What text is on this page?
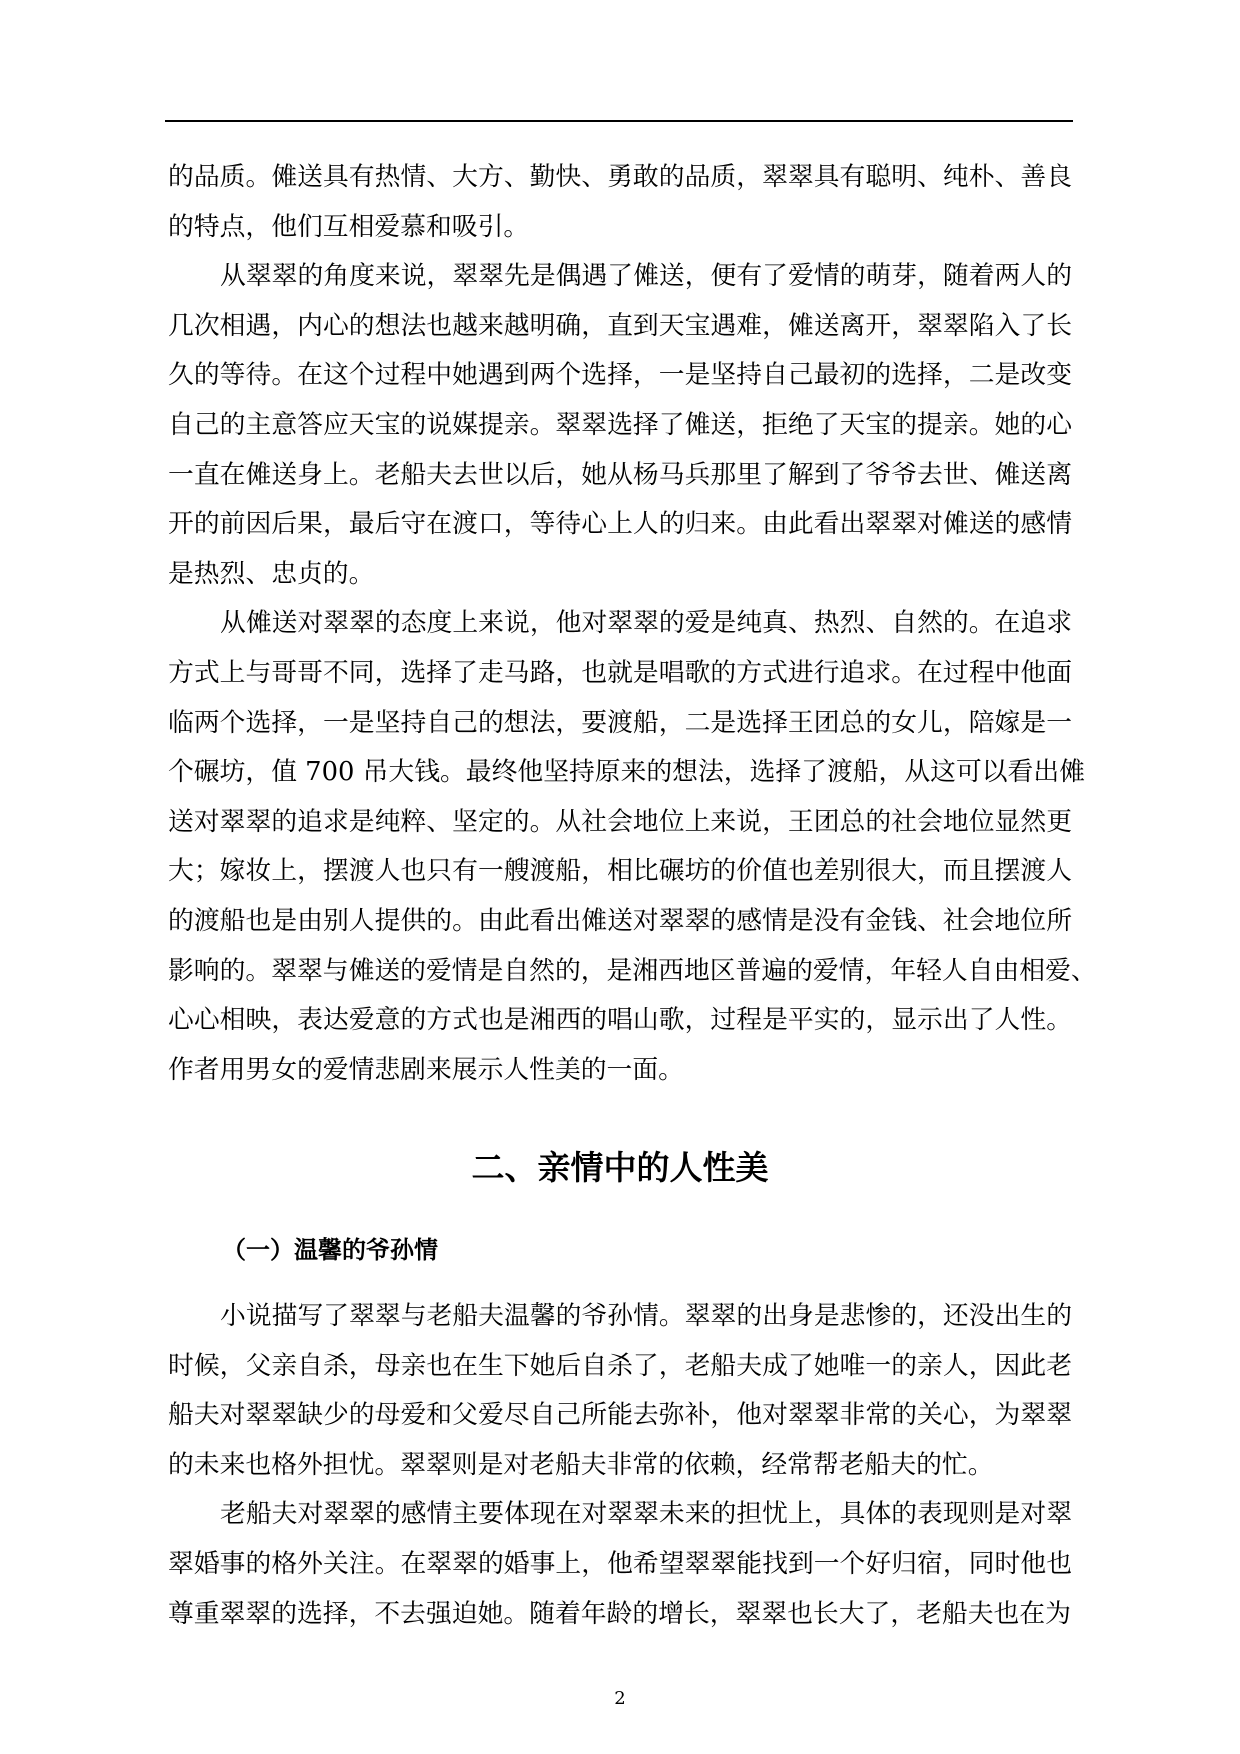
的品质。傩送具有热情、大方、勤快、勇敢的品质，翠翠具有聪明、纯朴、善良
的特点，他们互相爱慕和吸引。
从翠翠的角度来说，翠翠先是偶遇了傩送，便有了爱情的萌芽，随着两人的
几次相遇，内心的想法也越来越明确，直到天宝遇难，傩送离开，翠翠陷入了长
久的等待。在这个过程中她遇到两个选择，一是坚持自己最初的选择，二是改变
自己的主意答应天宝的说媒提亲。翠翠选择了傩送，拒绝了天宝的提亲。她的心
一直在傩送身上。老船夫去世以后，她从杨马兵那里了解到了爷爷去世、傩送离
开的前因后果，最后守在渡口，等待心上人的归来。由此看出翠翠对傩送的感情
是热烈、忠贞的。
从傩送对翠翠的态度上来说，他对翠翠的爱是纯真、热烈、自然的。在追求
方式上与哥哥不同，选择了走马路，也就是唱歌的方式进行追求。在过程中他面
临两个选择，一是坚持自己的想法，要渡船，二是选择王团总的女儿，陪嫁是一
个碾坊，值 700 吊大钱。最终他坚持原来的想法，选择了渡船，从这可以看出傩
送对翠翠的追求是纯粹、坚定的。从社会地位上来说，王团总的社会地位显然更
大；嫁妆上，摆渡人也只有一艘渡船，相比碾坊的价值也差别很大，而且摆渡人
的渡船也是由别人提供的。由此看出傩送对翠翠的感情是没有金钱、社会地位所
影响的。翠翠与傩送的爱情是自然的，是湘西地区普遍的爱情，年轻人自由相爱、
心心相映，表达爱意的方式也是湘西的唱山歌，过程是平实的，显示出了人性。
作者用男女的爱情悲剧来展示人性美的一面。
二、亲情中的人性美
（一）温馨的爷孙情
小说描写了翠翠与老船夫温馨的爷孙情。翠翠的出身是悲惨的，还没出生的
时候，父亲自杀，母亲也在生下她后自杀了，老船夫成了她唯一的亲人，因此老
船夫对翠翠缺少的母爱和父爱尽自己所能去弥补，他对翠翠非常的关心，为翠翠
的未来也格外担忧。翠翠则是对老船夫非常的依赖，经常帮老船夫的忙。
老船夫对翠翠的感情主要体现在对翠翠未来的担忧上，具体的表现则是对翠
翠婚事的格外关注。在翠翠的婚事上，他希望翠翠能找到一个好归宿，同时他也
尊重翠翠的选择，不去强迫她。随着年龄的增长，翠翠也长大了，老船夫也在为
2
